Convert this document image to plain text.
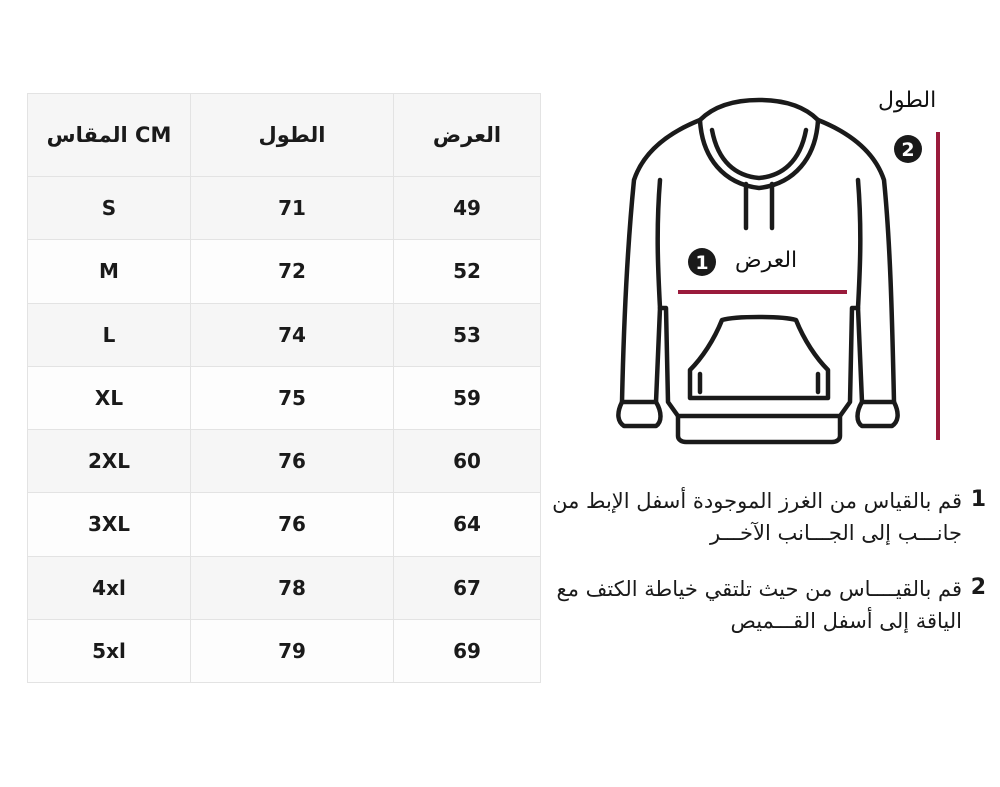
المقاس CM	الطول	العرض
S	71	49
M	72	52
L	74	53
XL	75	59
2XL	76	60
3XL	76	64
4xl	78	67
5xl	79	69
1
2
الطول
العرض
1
قم بالقياس من الغرز الموجودة أسفل الإبط من جانـــب إلى الجـــانب الآخـــر
2
قم بالقيــــاس من حيث تلتقي خياطة الكتف مع الياقة إلى أسفل القـــميص
